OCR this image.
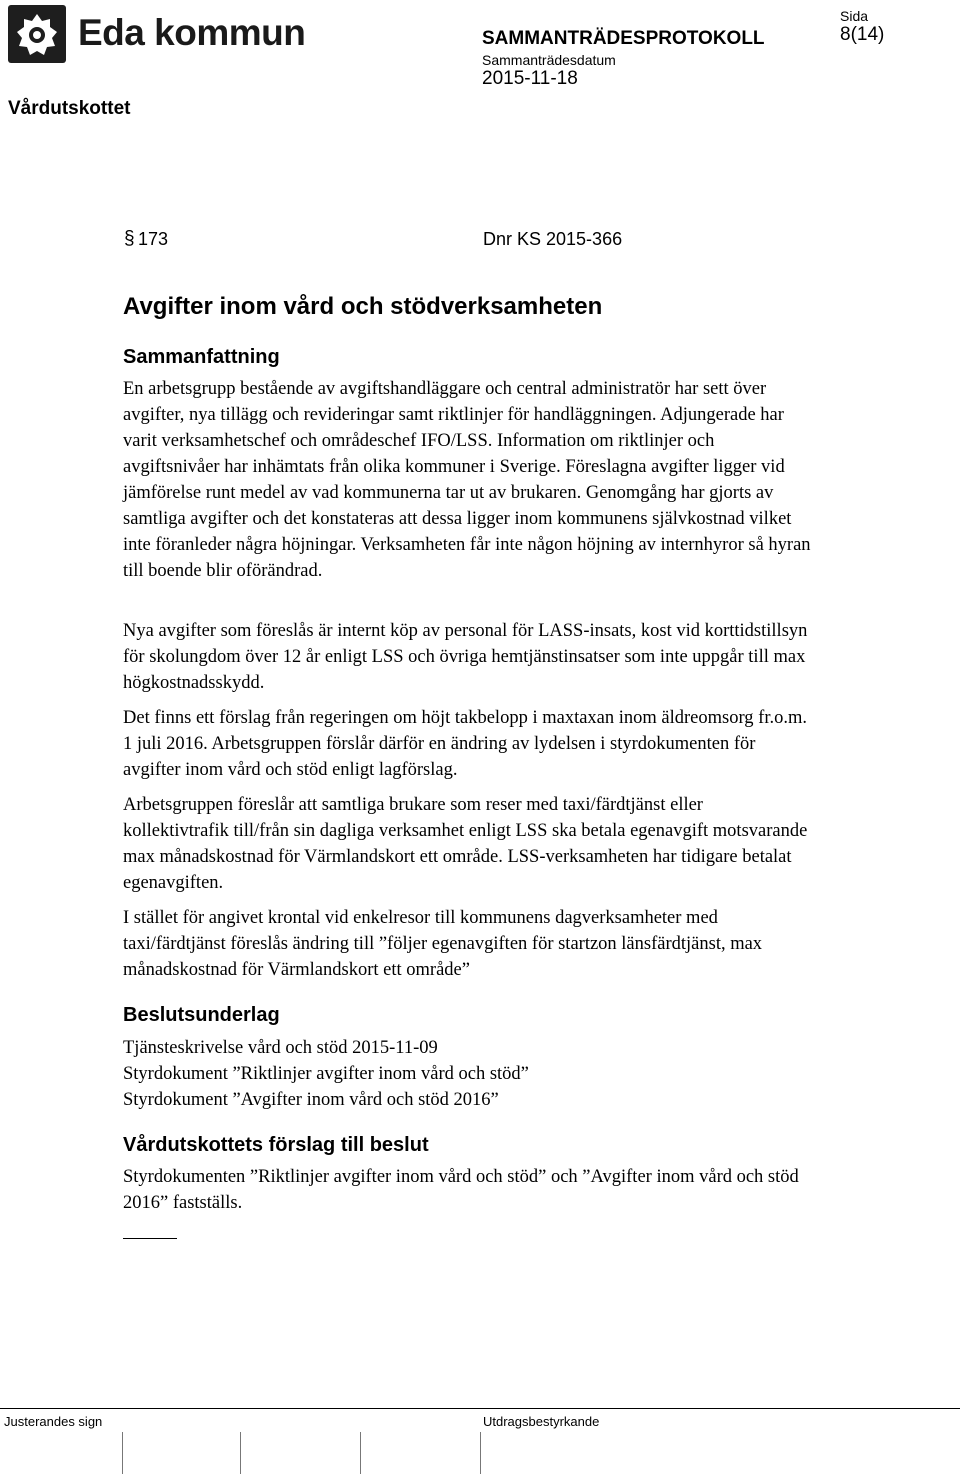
Eda kommun	SAMMANTRÄDESPROTOKOLL
Sammanträdesdatum
2015-11-18
Sida
8(14)
Vårdutskottet
§ 173	Dnr KS 2015-366
Avgifter inom vård och stödverksamheten
Sammanfattning

En arbetsgrupp bestående av avgiftshandläggare och central administratör har sett över avgifter, nya tillägg och revideringar samt riktlinjer för handläggningen. Adjungerade har varit verksamhetschef och områdeschef IFO/LSS. Information om riktlinjer och avgiftsnivåer har inhämtats från olika kommuner i Sverige. Föreslagna avgifter ligger vid jämförelse runt medel av vad kommunerna tar ut av brukaren. Genomgång har gjorts av samtliga avgifter och det konstateras att dessa ligger inom kommunens självkostnad vilket inte föranleder några höjningar. Verksamheten får inte någon höjning av internhyror så hyran till boende blir oförändrad.

Nya avgifter som föreslås är internt köp av personal för LASS-insats, kost vid korttidstillsyn för skolungdom över 12 år enligt LSS och övriga hemtjänstinsatser som inte uppgår till max högkostnadsskydd.

Det finns ett förslag från regeringen om höjt takbelopp i maxtaxan inom äldreomsorg fr.o.m. 1 juli 2016. Arbetsgruppen förslår därför en ändring av lydelsen i styrdokumenten för avgifter inom vård och stöd enligt lagförslag.

Arbetsgruppen föreslår att samtliga brukare som reser med taxi/färdtjänst eller kollektivtrafik till/från sin dagliga verksamhet enligt LSS ska betala egenavgift motsvarande max månadskostnad för Värmlandskort ett område. LSS-verksamheten har tidigare betalat egenavgiften.

I stället för angivet krontal vid enkelresor till kommunens dagverksamheter med taxi/färdtjänst föreslås ändring till ”följer egenavgiften för startzon länsfärdtjänst, max månadskostnad för Värmlandskort ett område”

Beslutsunderlag
Tjänsteskrivelse vård och stöd 2015-11-09
Styrdokument ”Riktlinjer avgifter inom vård och stöd”
Styrdokument ”Avgifter inom vård och stöd 2016”
Vårdutskottets förslag till beslut

Styrdokumenten ”Riktlinjer avgifter inom vård och stöd” och ”Avgifter inom vård och stöd 2016” fastställs.

Justerandes sign	Utdragsbestyrkande
